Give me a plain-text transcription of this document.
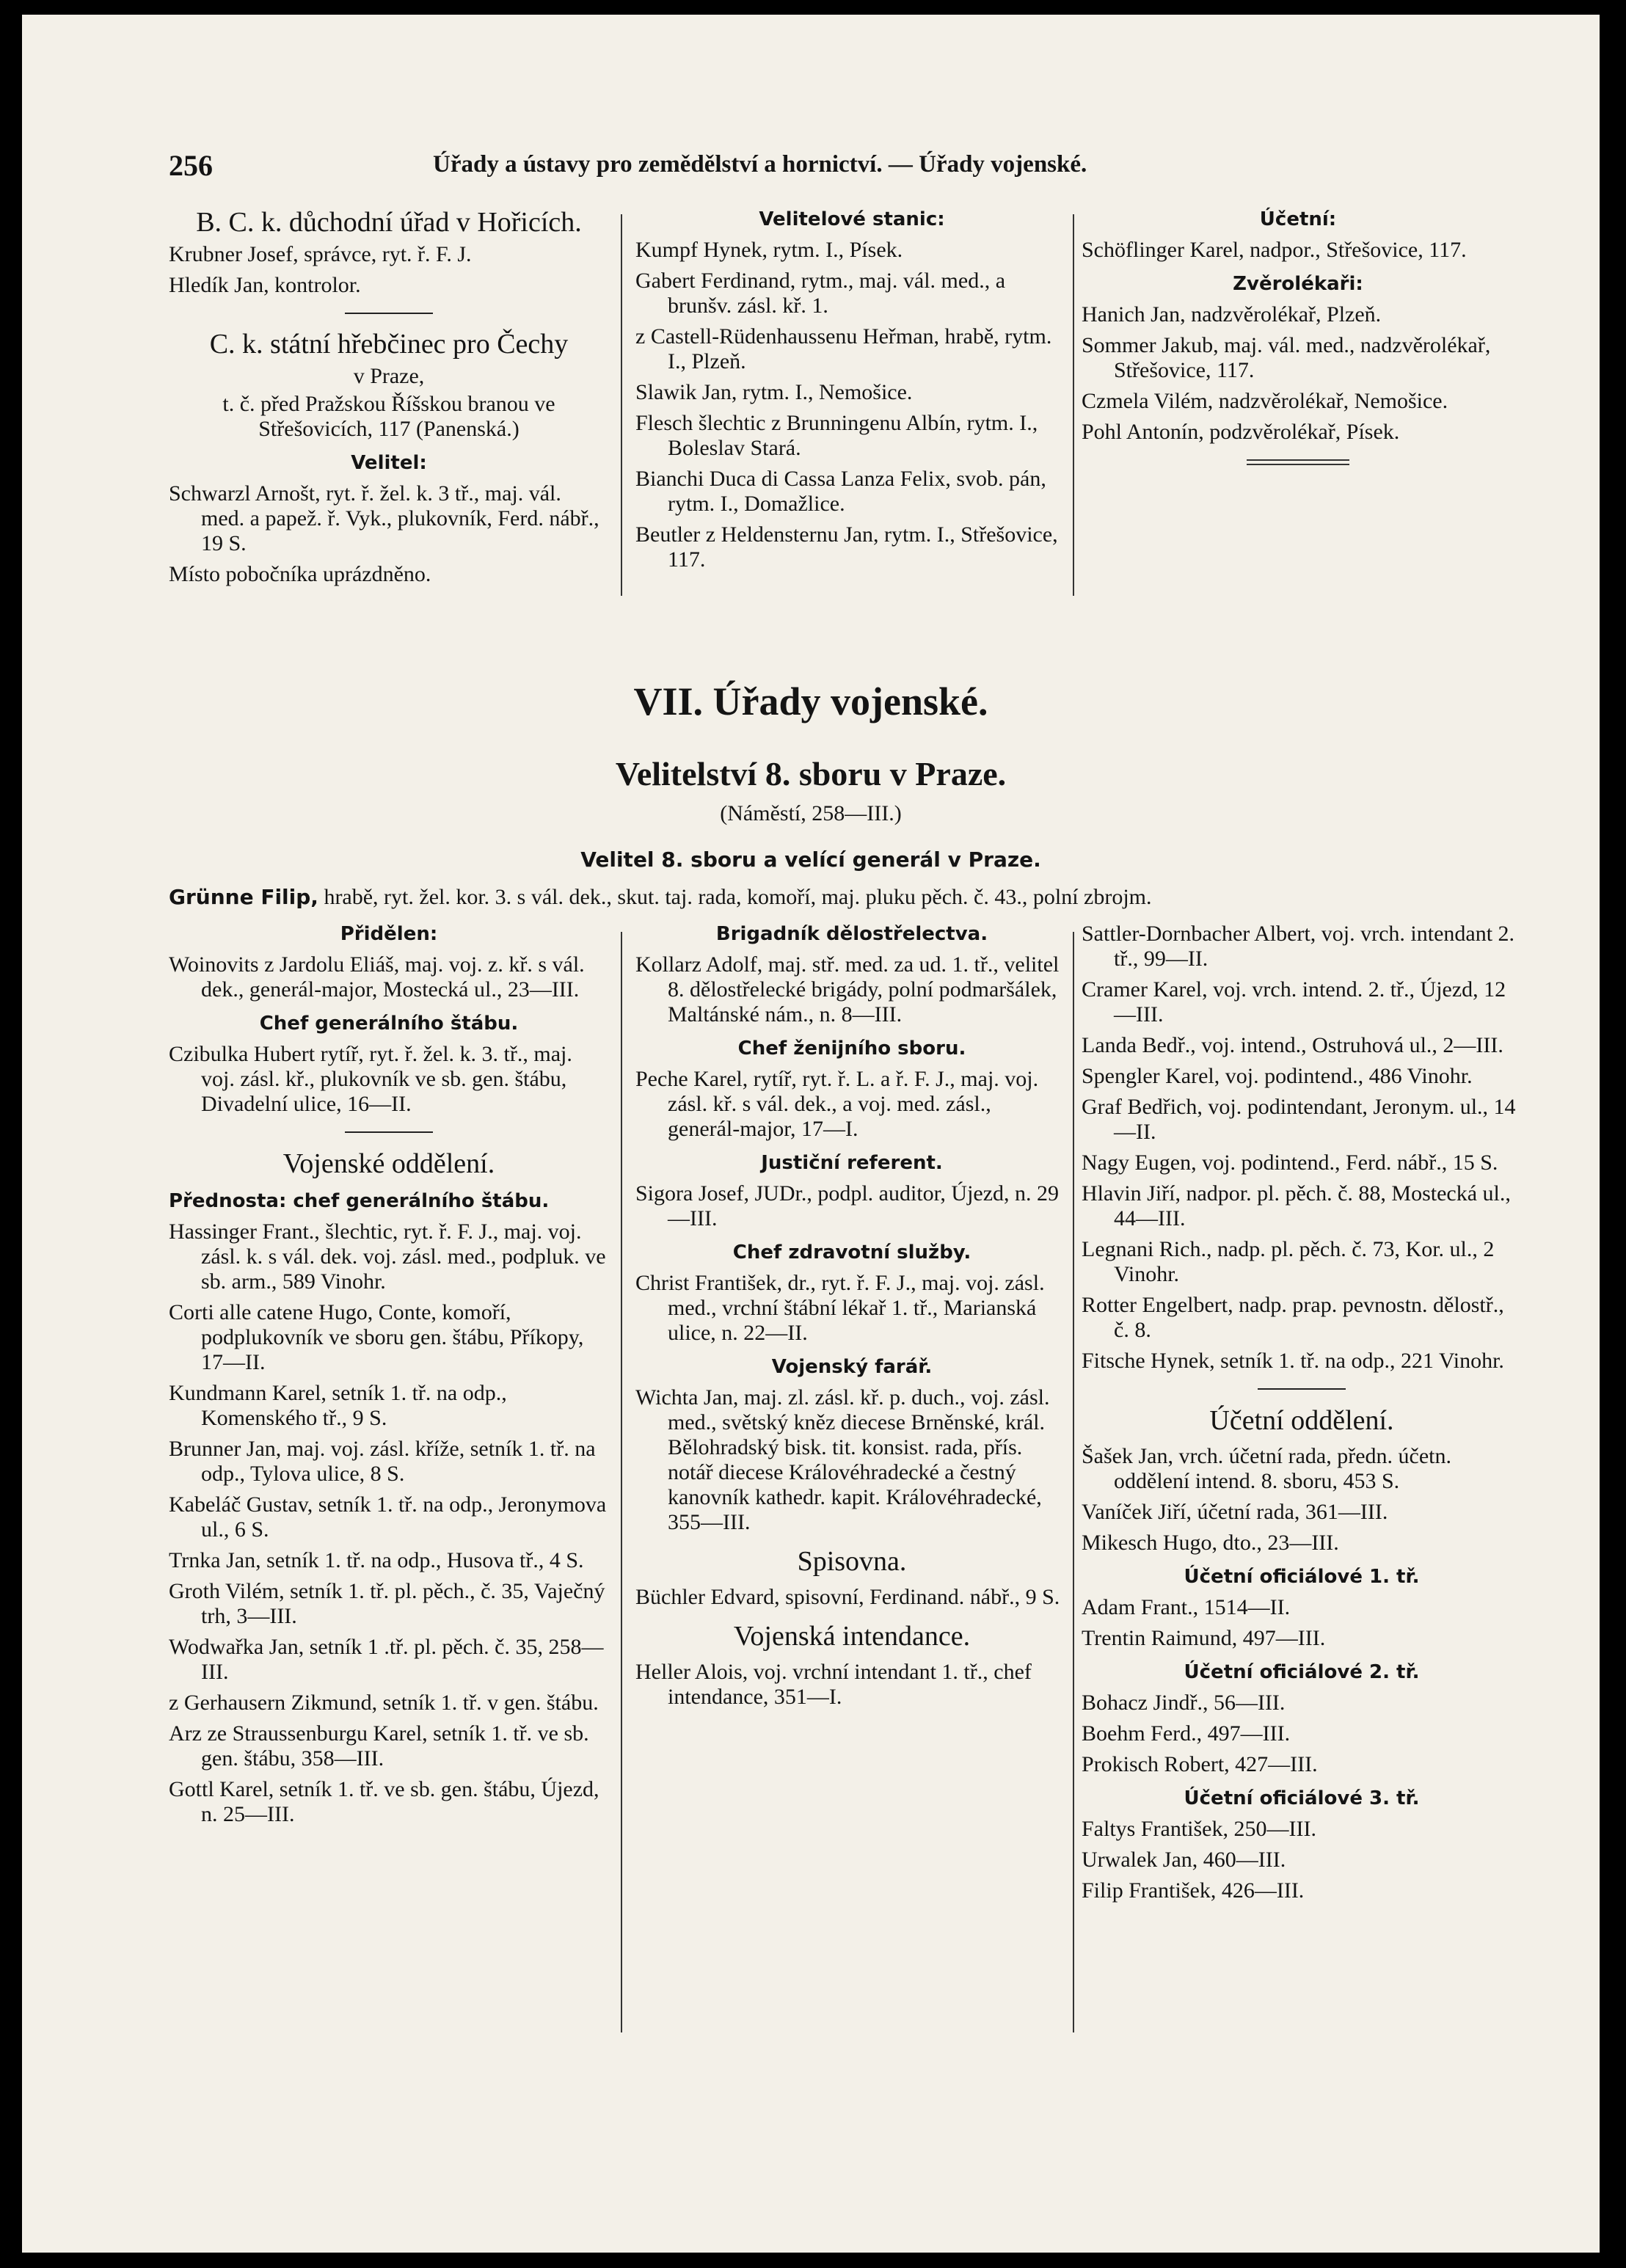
256	Úřady a ústavy pro zemědělství a hornictví. — Úřady vojenské.
B. C. k. důchodní úřad v Hořicích.
Krubner Josef, správce, ryt. ř. F. J.
Hledík Jan, kontrolor.
C. k. státní hřebčinec pro Čechy
v Praze,
t. č. před Pražskou Říšskou branou ve Střešovicích, 117 (Panenská.)
Velitel:
Schwarzl Arnošt, ryt. ř. žel. k. 3 tř., maj. vál. med. a papež. ř. Vyk., plukovník, Ferd. nábř., 19 S.
Místo pobočníka uprázdněno.
Velitelové stanic:
Kumpf Hynek, rytm. I., Písek.
Gabert Ferdinand, rytm., maj. vál. med., a brunšv. zásl. kř. 1.
z Castell-Rüdenhaussenu Heřman, hrabě, rytm. I., Plzeň.
Slawik Jan, rytm. I., Nemošice.
Flesch šlechtic z Brunningenu Albín, rytm. I., Boleslav Stará.
Bianchi Duca di Cassa Lanza Felix, svob. pán, rytm. I., Domažlice.
Beutler z Heldensternu Jan, rytm. I., Střešovice, 117.
Účetní:
Schöflinger Karel, nadpor., Střešovice, 117.
Zvěrolékaři:
Hanich Jan, nadzvěrolékař, Plzeň.
Sommer Jakub, maj. vál. med., nadzvěrolékař, Střešovice, 117.
Czmela Vilém, nadzvěrolékař, Nemošice.
Pohl Antonín, podzvěrolékař, Písek.
VII. Úřady vojenské.
Velitelství 8. sboru v Praze.
(Náměstí, 258—III.)
Velitel 8. sboru a velící generál v Praze.
Grünne Filip, hrabě, ryt. žel. kor. 3. s vál. dek., skut. taj. rada, komoří, maj. pluku pěch. č. 43., polní zbrojm.
Přidělen:
Woinovits z Jardolu Eliáš, maj. voj. z. kř. s vál. dek., generál-major, Mostecká ul., 23—III.
Chef generálního štábu.
Czibulka Hubert rytíř, ryt. ř. žel. k. 3. tř., maj. voj. zásl. kř., plukovník ve sb. gen. štábu, Divadelní ulice, 16—II.
Vojenské oddělení.
Přednosta: chef generálního štábu.
Hassinger Frant., šlechtic, ryt. ř. F. J., maj. voj. zásl. k. s vál. dek. voj. zásl. med., podpluk. ve sb. arm., 589 Vinohr.
Corti alle catene Hugo, Conte, komoří, podplukovník ve sboru gen. štábu, Příkopy, 17—II.
Kundmann Karel, setník 1. tř. na odp., Komenského tř., 9 S.
Brunner Jan, maj. voj. zásl. kříže, setník 1. tř. na odp., Tylova ulice, 8 S.
Kabeláč Gustav, setník 1. tř. na odp., Jeronymova ul., 6 S.
Trnka Jan, setník 1. tř. na odp., Husova tř., 4 S.
Groth Vilém, setník 1. tř. pl. pěch., č. 35, Vaječný trh, 3—III.
Wodwařka Jan, setník 1 .tř. pl. pěch. č. 35, 258—III.
z Gerhausern Zikmund, setník 1. tř. v gen. štábu.
Arz ze Straussenburgu Karel, setník 1. tř. ve sb. gen. štábu, 358—III.
Gottl Karel, setník 1. tř. ve sb. gen. štábu, Újezd, n. 25—III.
Brigadník dělostřelectva.
Kollarz Adolf, maj. stř. med. za ud. 1. tř., velitel 8. dělostřelecké brigády, polní podmaršálek, Maltánské nám., n. 8—III.
Chef ženijního sboru.
Peche Karel, rytíř, ryt. ř. L. a ř. F. J., maj. voj. zásl. kř. s vál. dek., a voj. med. zásl., generál-major, 17—I.
Justiční referent.
Sigora Josef, JUDr., podpl. auditor, Újezd, n. 29—III.
Chef zdravotní služby.
Christ František, dr., ryt. ř. F. J., maj. voj. zásl. med., vrchní štábní lékař 1. tř., Marianská ulice, n. 22—II.
Vojenský farář.
Wichta Jan, maj. zl. zásl. kř. p. duch., voj. zásl. med., světský kněz diecese Brněnské, král. Bělohradský bisk. tit. konsist. rada, přís. notář diecese Královéhradecké a čestný kanovník kathedr. kapit. Královéhradecké, 355—III.
Spisovna.
Büchler Edvard, spisovní, Ferdinand. nábř., 9 S.
Vojenská intendance.
Heller Alois, voj. vrchní intendant 1. tř., chef intendance, 351—I.
Sattler-Dornbacher Albert, voj. vrch. intendant 2. tř., 99—II.
Cramer Karel, voj. vrch. intend. 2. tř., Újezd, 12—III.
Landa Bedř., voj. intend., Ostruhová ul., 2—III.
Spengler Karel, voj. podintend., 486 Vinohr.
Graf Bedřich, voj. podintendant, Jeronym. ul., 14—II.
Nagy Eugen, voj. podintend., Ferd. nábř., 15 S.
Hlavin Jiří, nadpor. pl. pěch. č. 88, Mostecká ul., 44—III.
Legnani Rich., nadp. pl. pěch. č. 73, Kor. ul., 2 Vinohr.
Rotter Engelbert, nadp. prap. pevnostn. dělostř., č. 8.
Fitsche Hynek, setník 1. tř. na odp., 221 Vinohr.
Účetní oddělení.
Šašek Jan, vrch. účetní rada, předn. účetn. oddělení intend. 8. sboru, 453 S.
Vaníček Jiří, účetní rada, 361—III.
Mikesch Hugo, dto., 23—III.
Účetní oficiálové 1. tř.
Adam Frant., 1514—II.
Trentin Raimund, 497—III.
Účetní oficiálové 2. tř.
Bohacz Jindř., 56—III.
Boehm Ferd., 497—III.
Prokisch Robert, 427—III.
Účetní oficiálové 3. tř.
Faltys František, 250—III.
Urwalek Jan, 460—III.
Filip František, 426—III.
